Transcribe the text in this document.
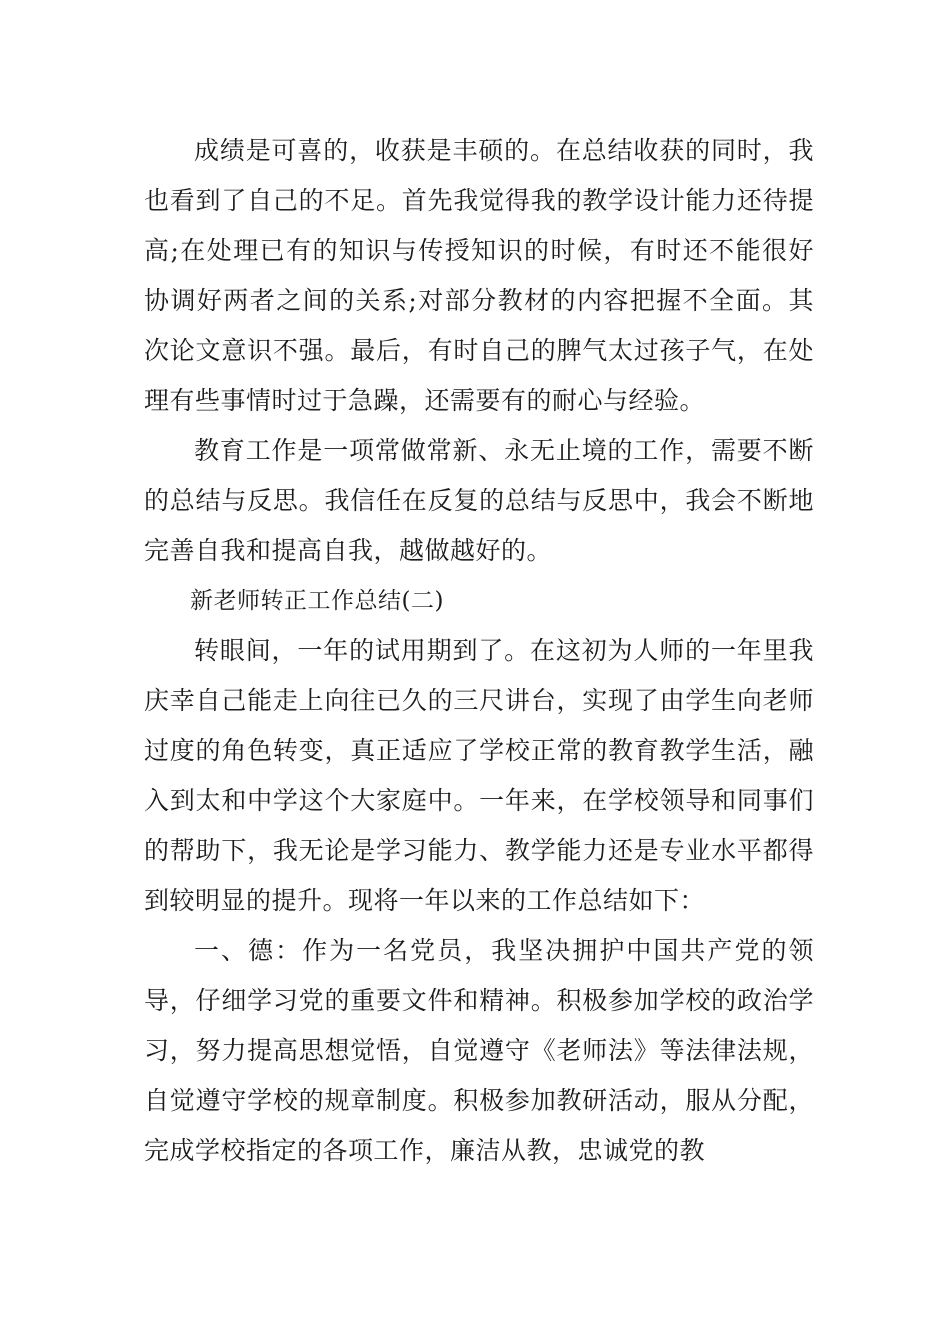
成绩是可喜的，收获是丰硕的。在总结收获的同时，我也看到了自己的不足。首先我觉得我的教学设计能力还待提高;在处理已有的知识与传授知识的时候，有时还不能很好协调好两者之间的关系;对部分教材的内容把握不全面。其次论文意识不强。最后，有时自己的脾气太过孩子气，在处理有些事情时过于急躁，还需要有的耐心与经验。

教育工作是一项常做常新、永无止境的工作，需要不断的总结与反思。我信任在反复的总结与反思中，我会不断地完善自我和提高自我，越做越好的。

新老师转正工作总结(二)

转眼间，一年的试用期到了。在这初为人师的一年里我庆幸自己能走上向往已久的三尺讲台，实现了由学生向老师过度的角色转变，真正适应了学校正常的教育教学生活，融入到太和中学这个大家庭中。一年来，在学校领导和同事们的帮助下，我无论是学习能力、教学能力还是专业水平都得到较明显的提升。现将一年以来的工作总结如下：

一、德：作为一名党员，我坚决拥护中国共产党的领导，仔细学习党的重要文件和精神。积极参加学校的政治学习，努力提高思想觉悟，自觉遵守《老师法》等法律法规，自觉遵守学校的规章制度。积极参加教研活动，服从分配，完成学校指定的各项工作，廉洁从教，忠诚党的教
